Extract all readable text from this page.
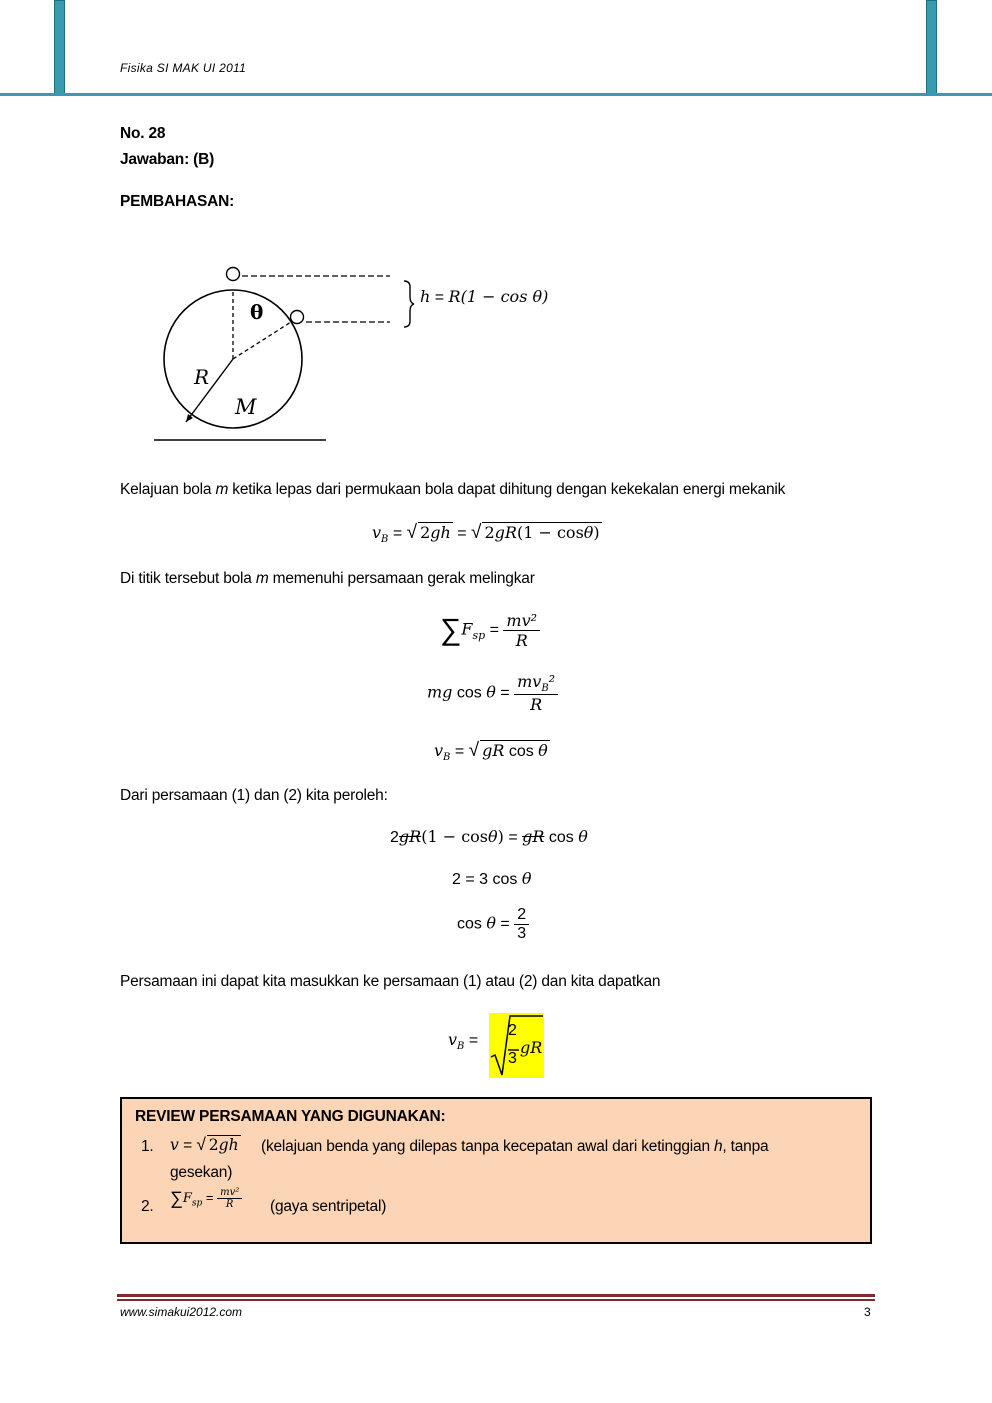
Fisika SI MAK UI 2011
No. 28
Jawaban: (B)
PEMBAHASAN:
θ
R
M
h = R(1 − cos θ)
Kelajuan bola m ketika lepas dari permukaan bola dapat dihitung dengan kekekalan energi mekanik
$v_B$ = √ 2gh = √ 2gR(1 − cosθ)
Di titik tersebut bola m memenuhi persamaan gerak melingkar
$\sum F_{sp} = \frac{\text{mv²}}{R}$
mg $\cos \theta = \frac{mv_B^2}{R}$
$v_B$ = √ gR cos θ
Dari persamaan (1) dan (2) kita peroleh:
2gR(1 − cosθ) = gR cos θ
2 = 3 cos θ
$\cos \theta = \frac{2}{3}$
Persamaan ini dapat kita masukkan ke persamaan (1) atau (2) dan kita dapatkan
$v_B$ =
2
3
gR
REVIEW PERSAMAAN YANG DIGUNAKAN:
1. v = √ 2gh (kelajuan benda yang dilepas tanpa kecepatan awal dari ketinggian h, tanpa
gesekan)
2. $\sum F_{sp} = \frac{\text{mv²}}{R}$ (gaya sentripetal)
www.simakui2012.com	3
